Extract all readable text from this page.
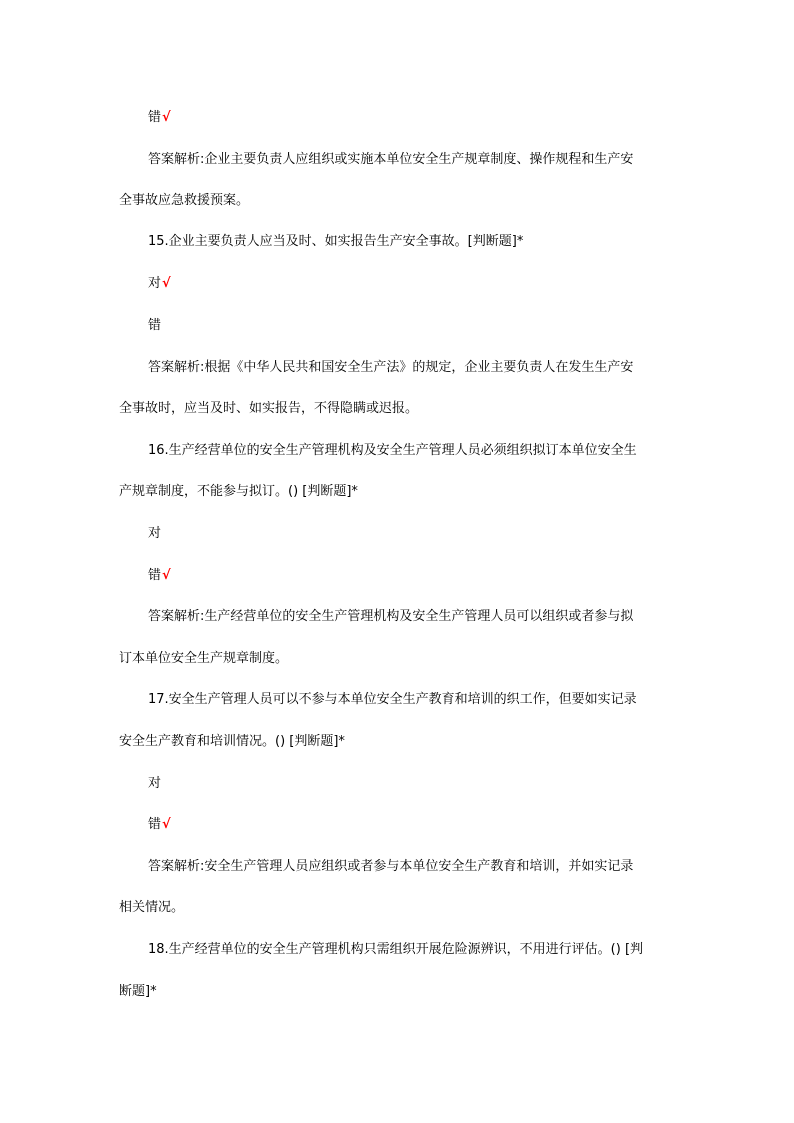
错√
答案解析:企业主要负责人应组织或实施本单位安全生产规章制度、操作规程和生产安
全事故应急救援预案。
15.企业主要负责人应当及时、如实报告生产安全事故。[判断题]*
对√
错
答案解析:根据《中华人民共和国安全生产法》的规定，企业主要负责人在发生生产安
全事故时，应当及时、如实报告，不得隐瞒或迟报。
16.生产经营单位的安全生产管理机构及安全生产管理人员必须组织拟订本单位安全生
产规章制度，不能参与拟订。() [判断题]*
对
错√
答案解析:生产经营单位的安全生产管理机构及安全生产管理人员可以组织或者参与拟
订本单位安全生产规章制度。
17.安全生产管理人员可以不参与本单位安全生产教育和培训的织工作，但要如实记录
安全生产教育和培训情况。() [判断题]*
对
错√
答案解析:安全生产管理人员应组织或者参与本单位安全生产教育和培训，并如实记录
相关情况。
18.生产经营单位的安全生产管理机构只需组织开展危险源辨识，不用进行评估。() [判
断题]*
